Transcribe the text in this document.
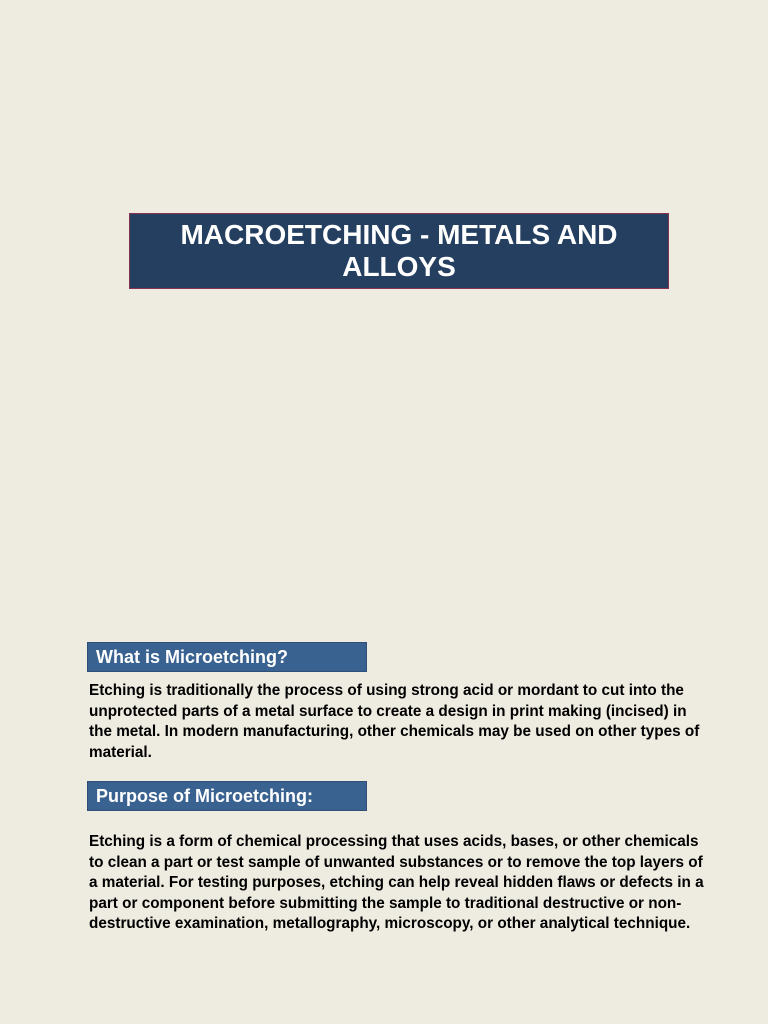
MACROETCHING - METALS AND ALLOYS
What is Microetching?

Etching is traditionally the process of using strong acid or mordant to cut into the unprotected parts of a metal surface to create a design in print making (incised) in the metal. In modern manufacturing, other chemicals may be used on other types of material.

Purpose of Microetching:

Etching is a form of chemical processing that uses acids, bases, or other chemicals to clean a part or test sample of unwanted substances or to remove the top layers of a material. For testing purposes, etching can help reveal hidden flaws or defects in a part or component before submitting the sample to traditional destructive or non-destructive examination, metallography, microscopy, or other analytical technique.
